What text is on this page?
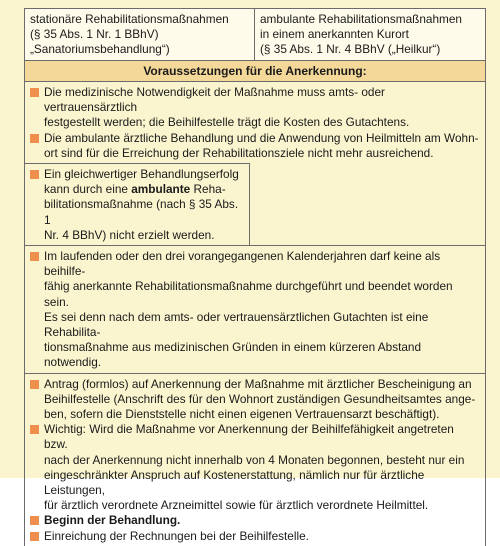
stationäre Rehabilitationsmaßnahmen
(§ 35 Abs. 1 Nr. 1 BBhV)
„Sanatoriumsbehandlung“)
ambulante Rehabilitationsmaßnahmen
in einem anerkannten Kurort
(§ 35 Abs. 1 Nr. 4 BBhV („Heilkur“)
Voraussetzungen für die Anerkennung:
Die medizinische Notwendigkeit der Maßnahme muss amts- oder vertrauensärztlich
festgestellt werden; die Beihilfestelle trägt die Kosten des Gutachtens.
Die ambulante ärztliche Behandlung und die Anwendung von Heilmitteln am Wohn-
ort sind für die Erreichung der Rehabilitationsziele nicht mehr ausreichend.
Ein gleichwertiger Behandlungserfolg
kann durch eine ambulante Reha-
bilitationsmaßnahme (nach § 35 Abs. 1
Nr. 4 BBhV) nicht erzielt werden.
Im laufenden oder den drei vorangegangenen Kalenderjahren darf keine als beihilfe-
fähig anerkannte Rehabilitationsmaßnahme durchgeführt und beendet worden sein.
Es sei denn nach dem amts- oder vertrauensärztlichen Gutachten ist eine Rehabilita-
tionsmaßnahme aus medizinischen Gründen in einem kürzeren Abstand notwendig.
Antrag (formlos) auf Anerkennung der Maßnahme mit ärztlicher Bescheinigung an
Beihilfestelle (Anschrift des für den Wohnort zuständigen Gesundheitsamtes ange-
ben, sofern die Dienststelle nicht einen eigenen Vertrauensarzt beschäftigt).
Wichtig: Wird die Maßnahme vor Anerkennung der Beihilfefähigkeit angetreten bzw.
nach der Anerkennung nicht innerhalb von 4 Monaten begonnen, besteht nur ein
eingeschränkter Anspruch auf Kostenerstattung, nämlich nur für ärztliche Leistungen,
für ärztlich verordnete Arzneimittel sowie für ärztlich verordnete Heilmittel.
Beginn der Behandlung.
Einreichung der Rechnungen bei der Beihilfestelle.
